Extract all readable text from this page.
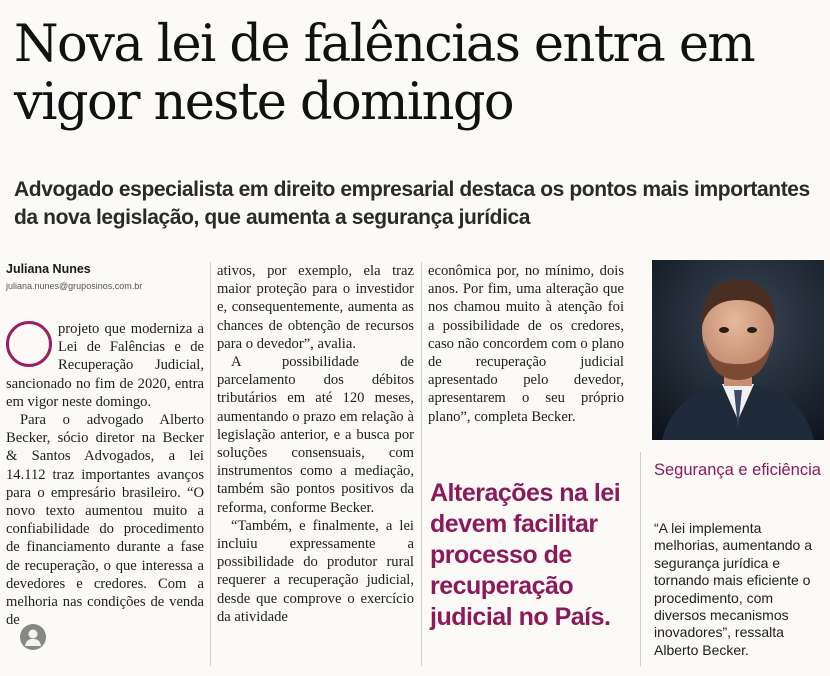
Nova lei de falências entra em vigor neste domingo
Advogado especialista em direito empresarial destaca os pontos mais importantes da nova legislação, que aumenta a segurança jurídica
Juliana Nunes
juliana.nunes@gruposinos.com.br

projeto que moderniza a Lei de Falências e de Recuperação Judicial, sancionado no fim de 2020, entra em vigor neste domingo.

Para o advogado Alberto Becker, sócio diretor na Becker & Santos Advogados, a lei 14.112 traz importantes avanços para o empresário brasileiro. “O novo texto aumentou muito a confiabilidade do procedimento de financiamento durante a fase de recuperação, o que interessa a devedores e credores. Com a melhoria nas condições de venda de

ativos, por exemplo, ela traz maior proteção para o investidor e, consequentemente, aumenta as chances de obtenção de recursos para o devedor”, avalia.

A possibilidade de parcelamento dos débitos tributários em até 120 meses, aumentando o prazo em relação à legislação anterior, e a busca por soluções consensuais, com instrumentos como a mediação, também são pontos positivos da reforma, conforme Becker.

“Também, e finalmente, a lei incluiu expressamente a possibilidade do produtor rural requerer a recuperação judicial, desde que comprove o exercício da atividade

econômica por, no mínimo, dois anos. Por fim, uma alteração que nos chamou muito à atenção foi a possibilidade de os credores, caso não concordem com o plano de recuperação judicial apresentado pelo devedor, apresentarem o seu próprio plano”, completa Becker.

Alterações na lei devem facilitar processo de recuperação judicial no País.
Segurança e eficiência
“A lei implementa melhorias, aumentando a segurança jurídica e tornando mais eficiente o procedimento, com diversos mecanismos inovadores”, ressalta Alberto Becker.
